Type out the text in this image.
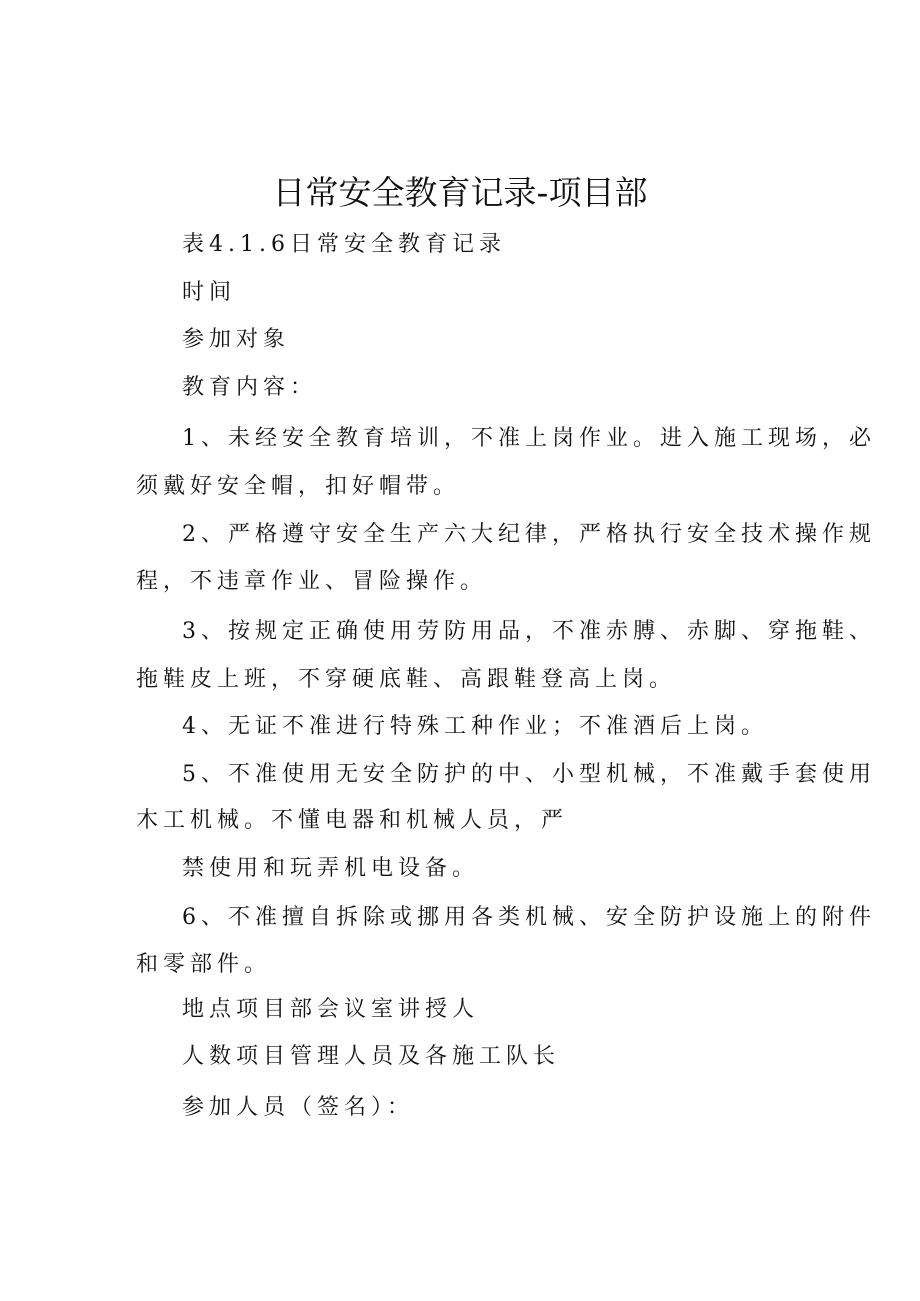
日常安全教育记录-项目部
表4.1.6日常安全教育记录
时间
参加对象
教育内容：
1、未经安全教育培训，不准上岗作业。进入施工现场，必
须戴好安全帽，扣好帽带。
2、严格遵守安全生产六大纪律，严格执行安全技术操作规
程，不违章作业、冒险操作。
3、按规定正确使用劳防用品，不准赤膊、赤脚、穿拖鞋、
拖鞋皮上班，不穿硬底鞋、高跟鞋登高上岗。
4、无证不准进行特殊工种作业；不准酒后上岗。
5、不准使用无安全防护的中、小型机械，不准戴手套使用
木工机械。不懂电器和机械人员，严
禁使用和玩弄机电设备。
6、不准擅自拆除或挪用各类机械、安全防护设施上的附件
和零部件。
地点项目部会议室讲授人
人数项目管理人员及各施工队长
参加人员（签名）：
